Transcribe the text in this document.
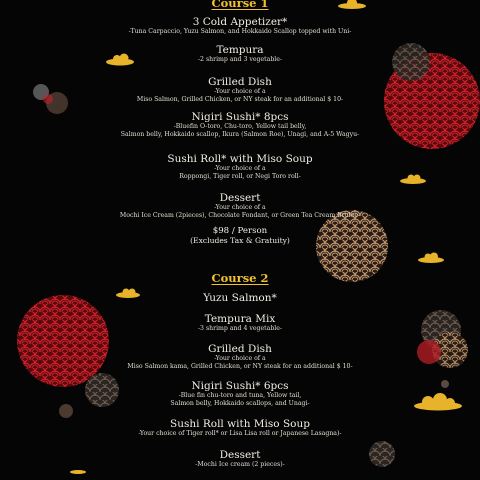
Course 1
3 Cold Appetizer*
-Tuna Carpaccio, Yuzu Salmon, and Hokkaido Scallop topped with Uni-
Tempura
-2 shrimp and 3 vegetable-
Grilled Dish
-Your choice of a
Miso Salmon, Grilled Chicken, or NY steak for an additional $ 10-
Nigiri Sushi* 8pcs
-Bluefin O-toro, Chu-toro, Yellow tail belly,
Salmon belly, Hokkaido scallop, Ikura (Salmon Roe), Unagi, and A-5 Wagyu-
Sushi Roll* with Miso Soup
-Your choice of a
Roppongi, Tiger roll, or Negi Toro roll-
Dessert
-Your choice of a
Mochi Ice Cream (2pieces), Chocolate Fondant, or Green Tea Cream Brulee-
$98 / Person
(Excludes Tax & Gratuity)
Course 2
Yuzu Salmon*
Tempura Mix
-3 shrimp and 4 vegetable-
Grilled Dish
-Your choice of a
Miso Salmon kama, Grilled Chicken, or NY steak for an additional $ 10-
Nigiri Sushi* 6pcs
-Blue fin chu-toro and tuna, Yellow tail,
Salmon belly, Hokkaido scallops, and Unagi-
Sushi Roll with Miso Soup
-Your choice of Tiger roll* or Lisa Lisa roll or Japanese Lasagna)-
Dessert
-Mochi Ice cream (2 pieces)-
